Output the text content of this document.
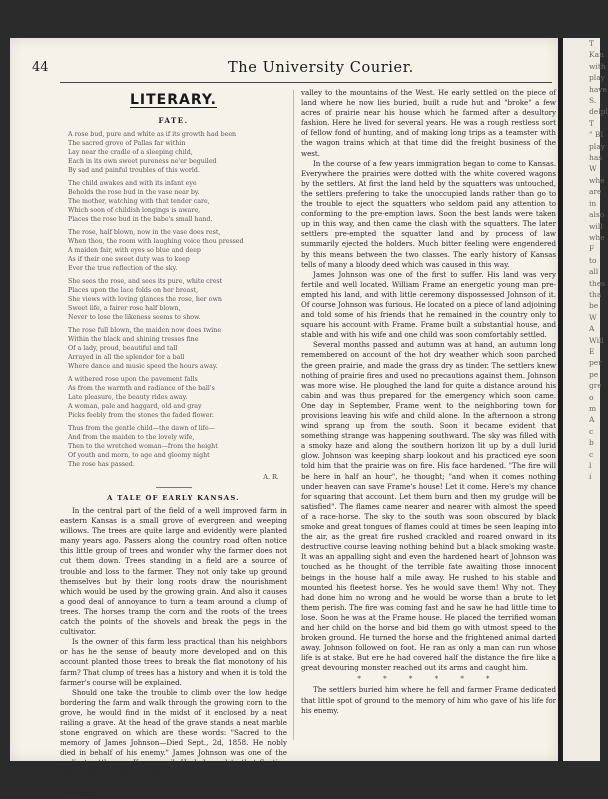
T
Kan
with
play
have
S.
delpl
T
" BI
play
has
W
whe
are
in
also
will
whe
F
to
all
thes
tha
be
W
A
Will
E
per
pe
gre
o
m
A
c
b
c
l
i
44	The University Courier.
LITERARY.
FATE.

A rose bud, pure and white as if its growth had been

The sacred grove of Pallas far within

Lay near the cradle of a sleeping child,

Each in its own sweet pureness ne'er beguiled

By sad and painful troubles of this world.

The child awakes and with its infant eye

Beholds the rose bud in the vase near by.

The mother, watching with that tender care,

Which soon of childish longings is aware,

Places the rose bud in the babe's small hand.

The rose, half blown, now in the vase does rest,

When thou, the room with laughing voice thou pressed

A maiden fair, with eyes so blue and deep

As if their one sweet duty was to keep

Ever the true reflection of the sky.

She sees the rose, and sees its pure, white crest

Places upon the lace folds on her breast,

She views with loving glances the rose, her own

Sweet life, a fairer rose half blown,

Never to lose the likeness seems to show.

The rose full blown, the maiden now does twine

Within the black and shining tresses fine

Of a lady, proud, beautiful and tall

Arrayed in all the splendor for a ball

Where dance and music speed the hours away.

A withered rose upon the pavement falls

As from the warmth and radiance of the ball's

Late pleasure, the beauty rides away.

A woman, pale and haggard, old and gray

Picks feebly from the stones the faded flower.

Thus from the gentle child—the dawn of life—

And from the maiden to the lovely wife,

Then to the wretched woman—from the height

Of youth and morn, to age and gloomy night

The rose has passed.

A. R.
A TALE OF EARLY KANSAS.

In the central part of the field of a well improved farm in eastern Kansas is a small grove of evergreen and weeping willows. The trees are quite large and evidently were planted many years ago. Passers along the country road often notice this little group of trees and wonder why the farmer does not cut them down. Trees standing in a field are a source of trouble and loss to the farmer. They not only take up ground themselves but by their long roots draw the nourishment which would be used by the growing grain. And also it causes a good deal of annoyance to turn a team around a clump of trees. The horses tramp the corn and the roots of the trees catch the points of the shovels and break the pegs in the cultivator.

Is the owner of this farm less practical than his neighbors or has he the sense of beauty more developed and on this account planted those trees to break the flat monotony of his farm? That clump of trees has a history and when it is told the farmer's course will be explained.

Should one take the trouble to climb over the low hedge bordering the farm and walk through the growing corn to the grove, he would find in the midst of it enclosed by a neat railing a grave. At the head of the grave stands a neat marble stone engraved on which are these words: "Sacred to the memory of James Johnson—Died Sept., 2d, 1858. He nobly died in behalf of his enemy." James Johnson was one of the earliest settlers on Kansas soil. He belonged to that floating class the "squatters" who were the advance guard by American civilization in its westward march across the great Mississippi

valley to the mountains of the West. He early settled on the piece of land where he now lies buried, built a rude hut and "broke" a few acres of prairie near his house which he farmed after a desultory fashion. Here he lived for several years. He was a rough restless sort of fellow fond of hunting, and of making long trips as a teamster with the wagon trains which at that time did the freight business of the west.

In the course of a few years immigration began to come to Kansas. Everywhere the prairies were dotted with the white covered wagons by the settlers. At first the land held by the squatters was untouched, the settlers prefering to take the unoccupied lands rather than go to the trouble to eject the squatters who seldom paid any attention to conforming to the pre-emption laws. Soon the best lands were taken up in this way, and then came the clash with the squatters. The later settlers pre-empted the squatter land and by process of law summarily ejected the holders. Much bitter feeling were engendered by this means between the two classes. The early history of Kansas tells of many a bloody deed which was caused in this way.

James Johnson was one of the first to suffer. His land was very fertile and well located. William Frame an energetic young man pre-empted his land, and with little ceremony dispossessed Johnson of it. Of course Johnson was furious. He located on a piece of land adjoining and told some of his friends that he remained in the country only to square his account with Frame. Frame built a substantial house, and stable and with his wife and one child was soon comfortably settled.

Several months passed and autumn was at hand, an autumn long remembered on account of the hot dry weather which soon parched the green prairie, and made the grass dry as tinder. The settlers knew nothing of prairie fires and used no precautions against them. Johnson was more wise. He ploughed the land for quite a distance around his cabin and was thus prepared for the emergency which soon came. One day in September, Frame went to the neighboring town for provisions leaving his wife and child alone. In the afternoon a strong wind sprang up from the south. Soon it became evident that something strange was happening southward. The sky was filled with a smoky haze and along the southern horizon lit up by a dull lurid glow. Johnson was keeping sharp lookout and his practiced eye soon told him that the prairie was on fire. His face hardened. "The fire will be here in half an hour", he thought; "and when it comes nothing under heaven can save Frame's house! Let it come. Here's my chance for squaring that account. Let them burn and then my grudge will be satisfied". The flames came nearer and nearer with almost the speed of a race-horse. The sky to the south was soon obscured by black smoke and great tongues of flames could at times be seen leaping into the air, as the great fire rushed crackled and roared onward in its destructive course leaving nothing behind but a black smoking waste. It was an appalling sight and even the hardened heart of Johnson was touched as he thought of the terrible fate awaiting those innocent beings in the house half a mile away. He rushed to his stable and mounted his fleetest horse. Yes he would save them! Why not. They had done him no wrong and he would be worse than a brute to let them perish. The fire was coming fast and he saw he had little time to lose. Soon he was at the Frame house. He placed the terrified woman and her child on the horse and bid them go with utmost speed to the broken ground. He turned the horse and the frightened animal darted away. Johnson followed on foot. He ran as only a man can run whose life is at stake. But ere he had covered half the distance the fire like a great devouring monster reached out its arms and caught him.

* * * * * *

The settlers buried him where he fell and farmer Frame dedicated that little spot of ground to the memory of him who gave of his life for his enemy.
